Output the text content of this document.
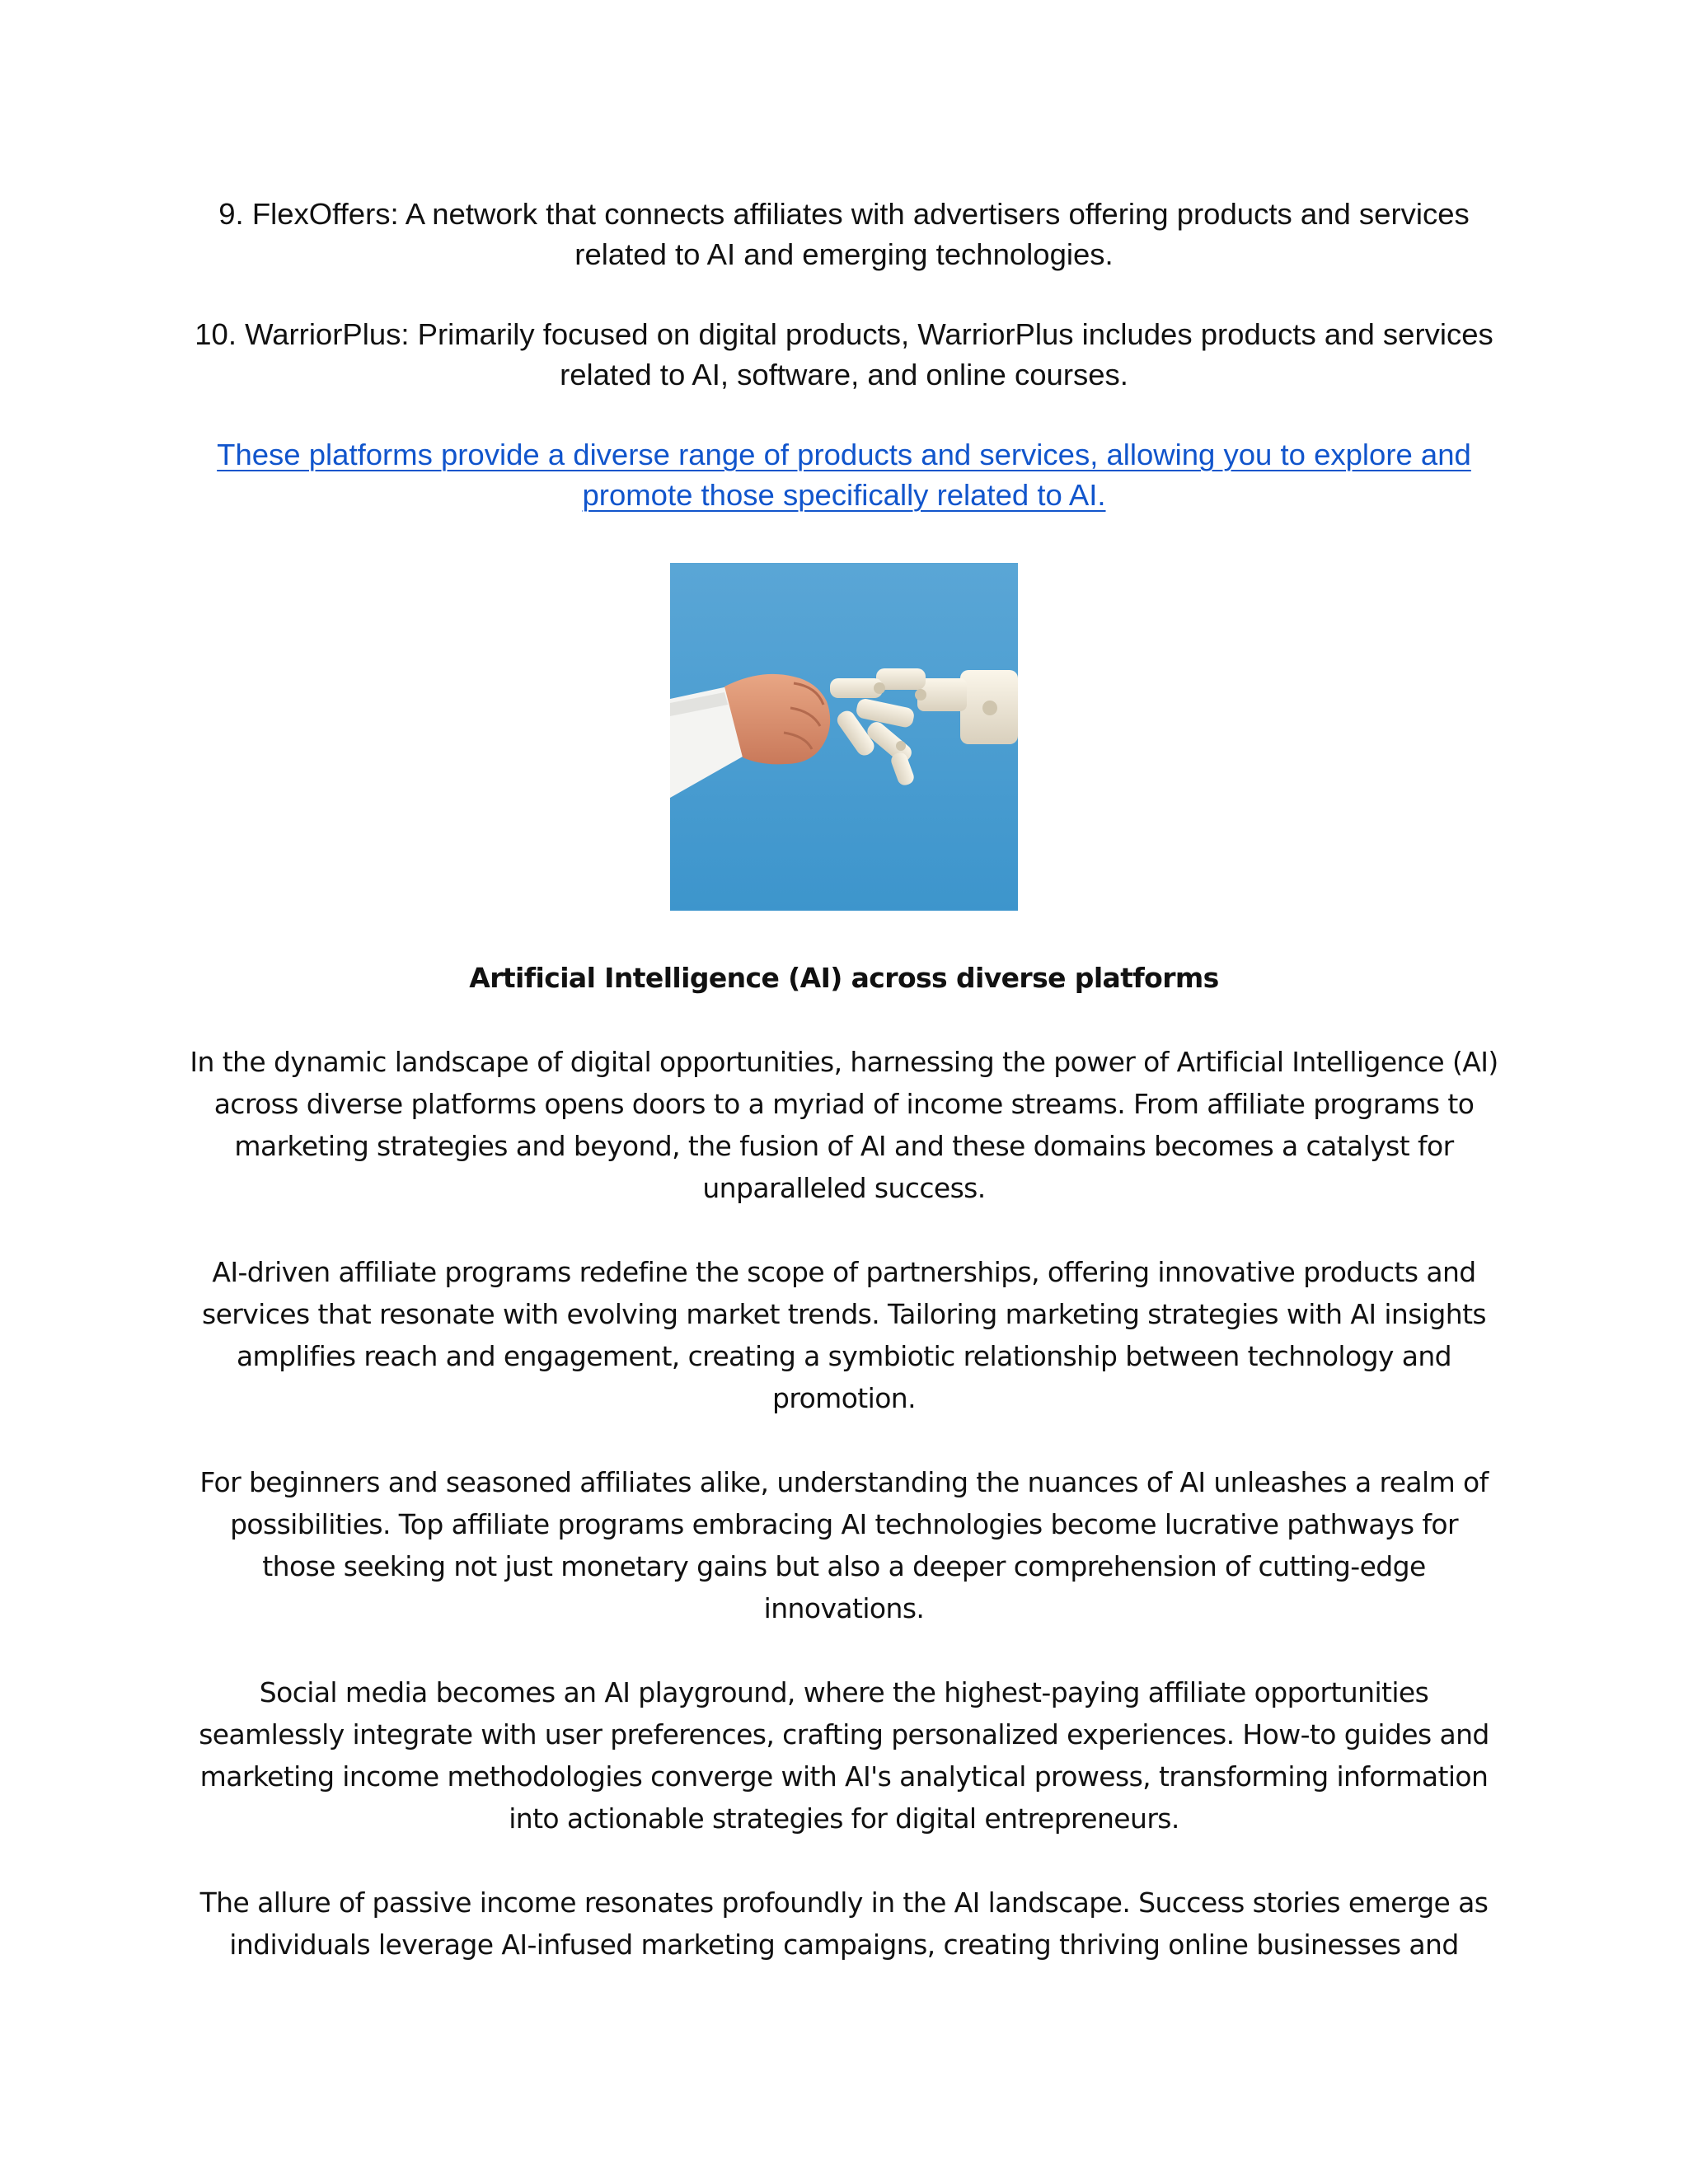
9. FlexOffers: A network that connects affiliates with advertisers offering products and services related to AI and emerging technologies.

10. WarriorPlus: Primarily focused on digital products, WarriorPlus includes products and services related to AI, software, and online courses.

These platforms provide a diverse range of products and services, allowing you to explore and promote those specifically related to AI.

Artificial Intelligence (AI) across diverse platforms

In the dynamic landscape of digital opportunities, harnessing the power of Artificial Intelligence (AI) across diverse platforms opens doors to a myriad of income streams. From affiliate programs to marketing strategies and beyond, the fusion of AI and these domains becomes a catalyst for unparalleled success.

AI-driven affiliate programs redefine the scope of partnerships, offering innovative products and services that resonate with evolving market trends. Tailoring marketing strategies with AI insights amplifies reach and engagement, creating a symbiotic relationship between technology and promotion.

For beginners and seasoned affiliates alike, understanding the nuances of AI unleashes a realm of possibilities. Top affiliate programs embracing AI technologies become lucrative pathways for those seeking not just monetary gains but also a deeper comprehension of cutting-edge innovations.

Social media becomes an AI playground, where the highest-paying affiliate opportunities seamlessly integrate with user preferences, crafting personalized experiences. How-to guides and marketing income methodologies converge with AI's analytical prowess, transforming information into actionable strategies for digital entrepreneurs.

The allure of passive income resonates profoundly in the AI landscape. Success stories emerge as individuals leverage AI-infused marketing campaigns, creating thriving online businesses and
